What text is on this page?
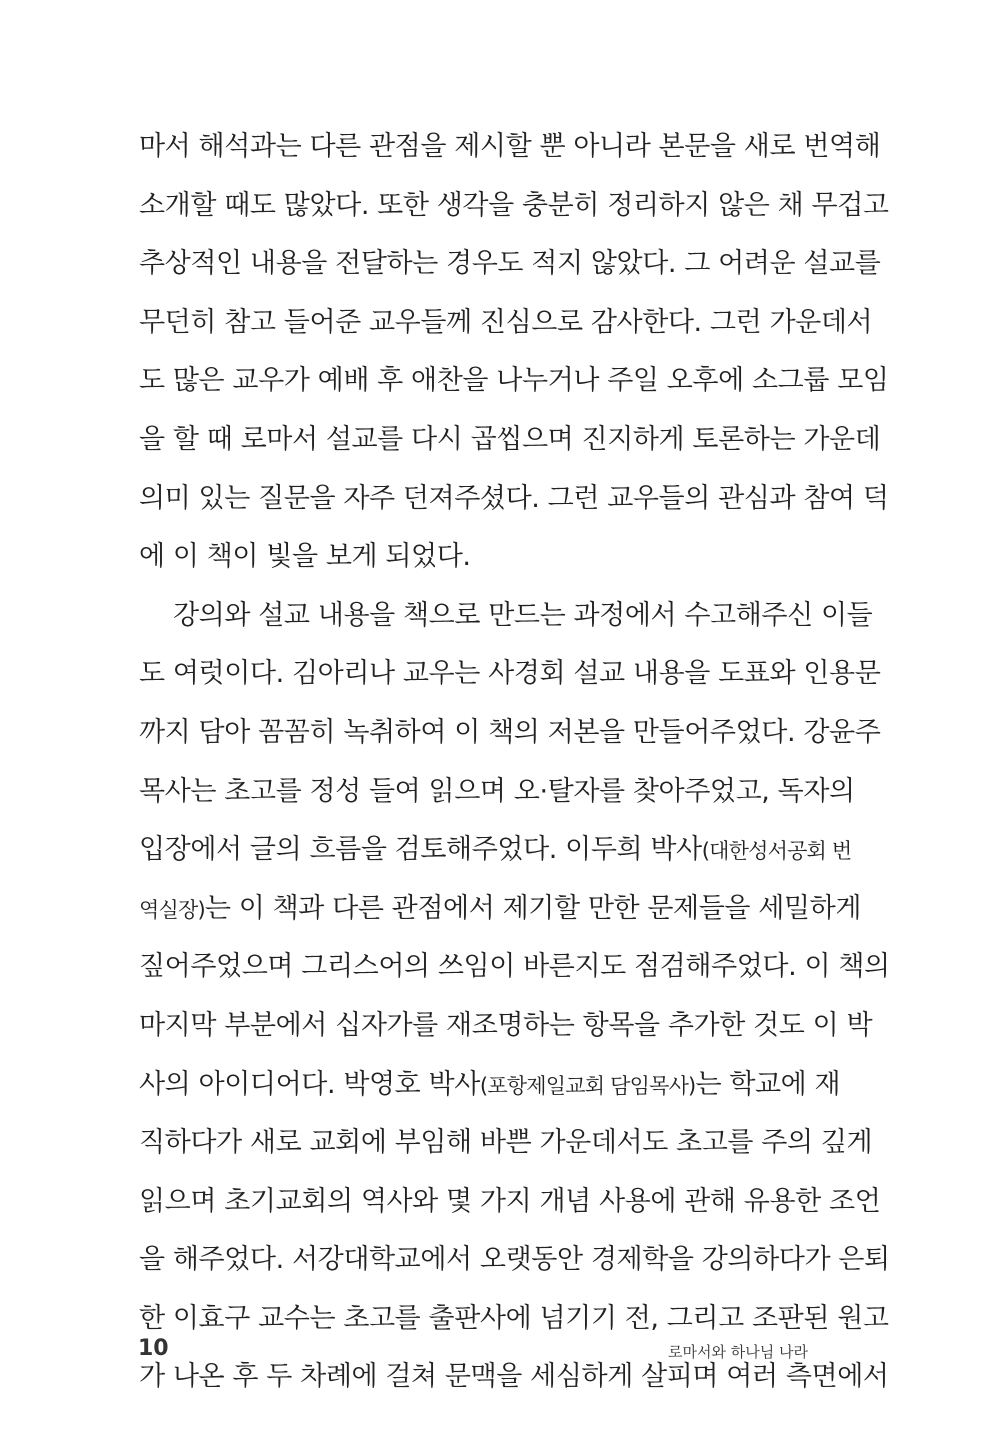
마서 해석과는 다른 관점을 제시할 뿐 아니라 본문을 새로 번역해
소개할 때도 많았다. 또한 생각을 충분히 정리하지 않은 채 무겁고
추상적인 내용을 전달하는 경우도 적지 않았다. 그 어려운 설교를
무던히 참고 들어준 교우들께 진심으로 감사한다. 그런 가운데서
도 많은 교우가 예배 후 애찬을 나누거나 주일 오후에 소그룹 모임
을 할 때 로마서 설교를 다시 곱씹으며 진지하게 토론하는 가운데
의미 있는 질문을 자주 던져주셨다. 그런 교우들의 관심과 참여 덕
에 이 책이 빛을 보게 되었다.
강의와 설교 내용을 책으로 만드는 과정에서 수고해주신 이들
도 여럿이다. 김아리나 교우는 사경회 설교 내용을 도표와 인용문
까지 담아 꼼꼼히 녹취하여 이 책의 저본을 만들어주었다. 강윤주
목사는 초고를 정성 들여 읽으며 오·탈자를 찾아주었고, 독자의
입장에서 글의 흐름을 검토해주었다. 이두희 박사(대한성서공회 번
역실장)는 이 책과 다른 관점에서 제기할 만한 문제들을 세밀하게
짚어주었으며 그리스어의 쓰임이 바른지도 점검해주었다. 이 책의
마지막 부분에서 십자가를 재조명하는 항목을 추가한 것도 이 박
사의 아이디어다. 박영호 박사(포항제일교회 담임목사)는 학교에 재
직하다가 새로 교회에 부임해 바쁜 가운데서도 초고를 주의 깊게
읽으며 초기교회의 역사와 몇 가지 개념 사용에 관해 유용한 조언
을 해주었다. 서강대학교에서 오랫동안 경제학을 강의하다가 은퇴
한 이효구 교수는 초고를 출판사에 넘기기 전, 그리고 조판된 원고
가 나온 후 두 차례에 걸쳐 문맥을 세심하게 살피며 여러 측면에서
10	로마서와 하나님 나라
